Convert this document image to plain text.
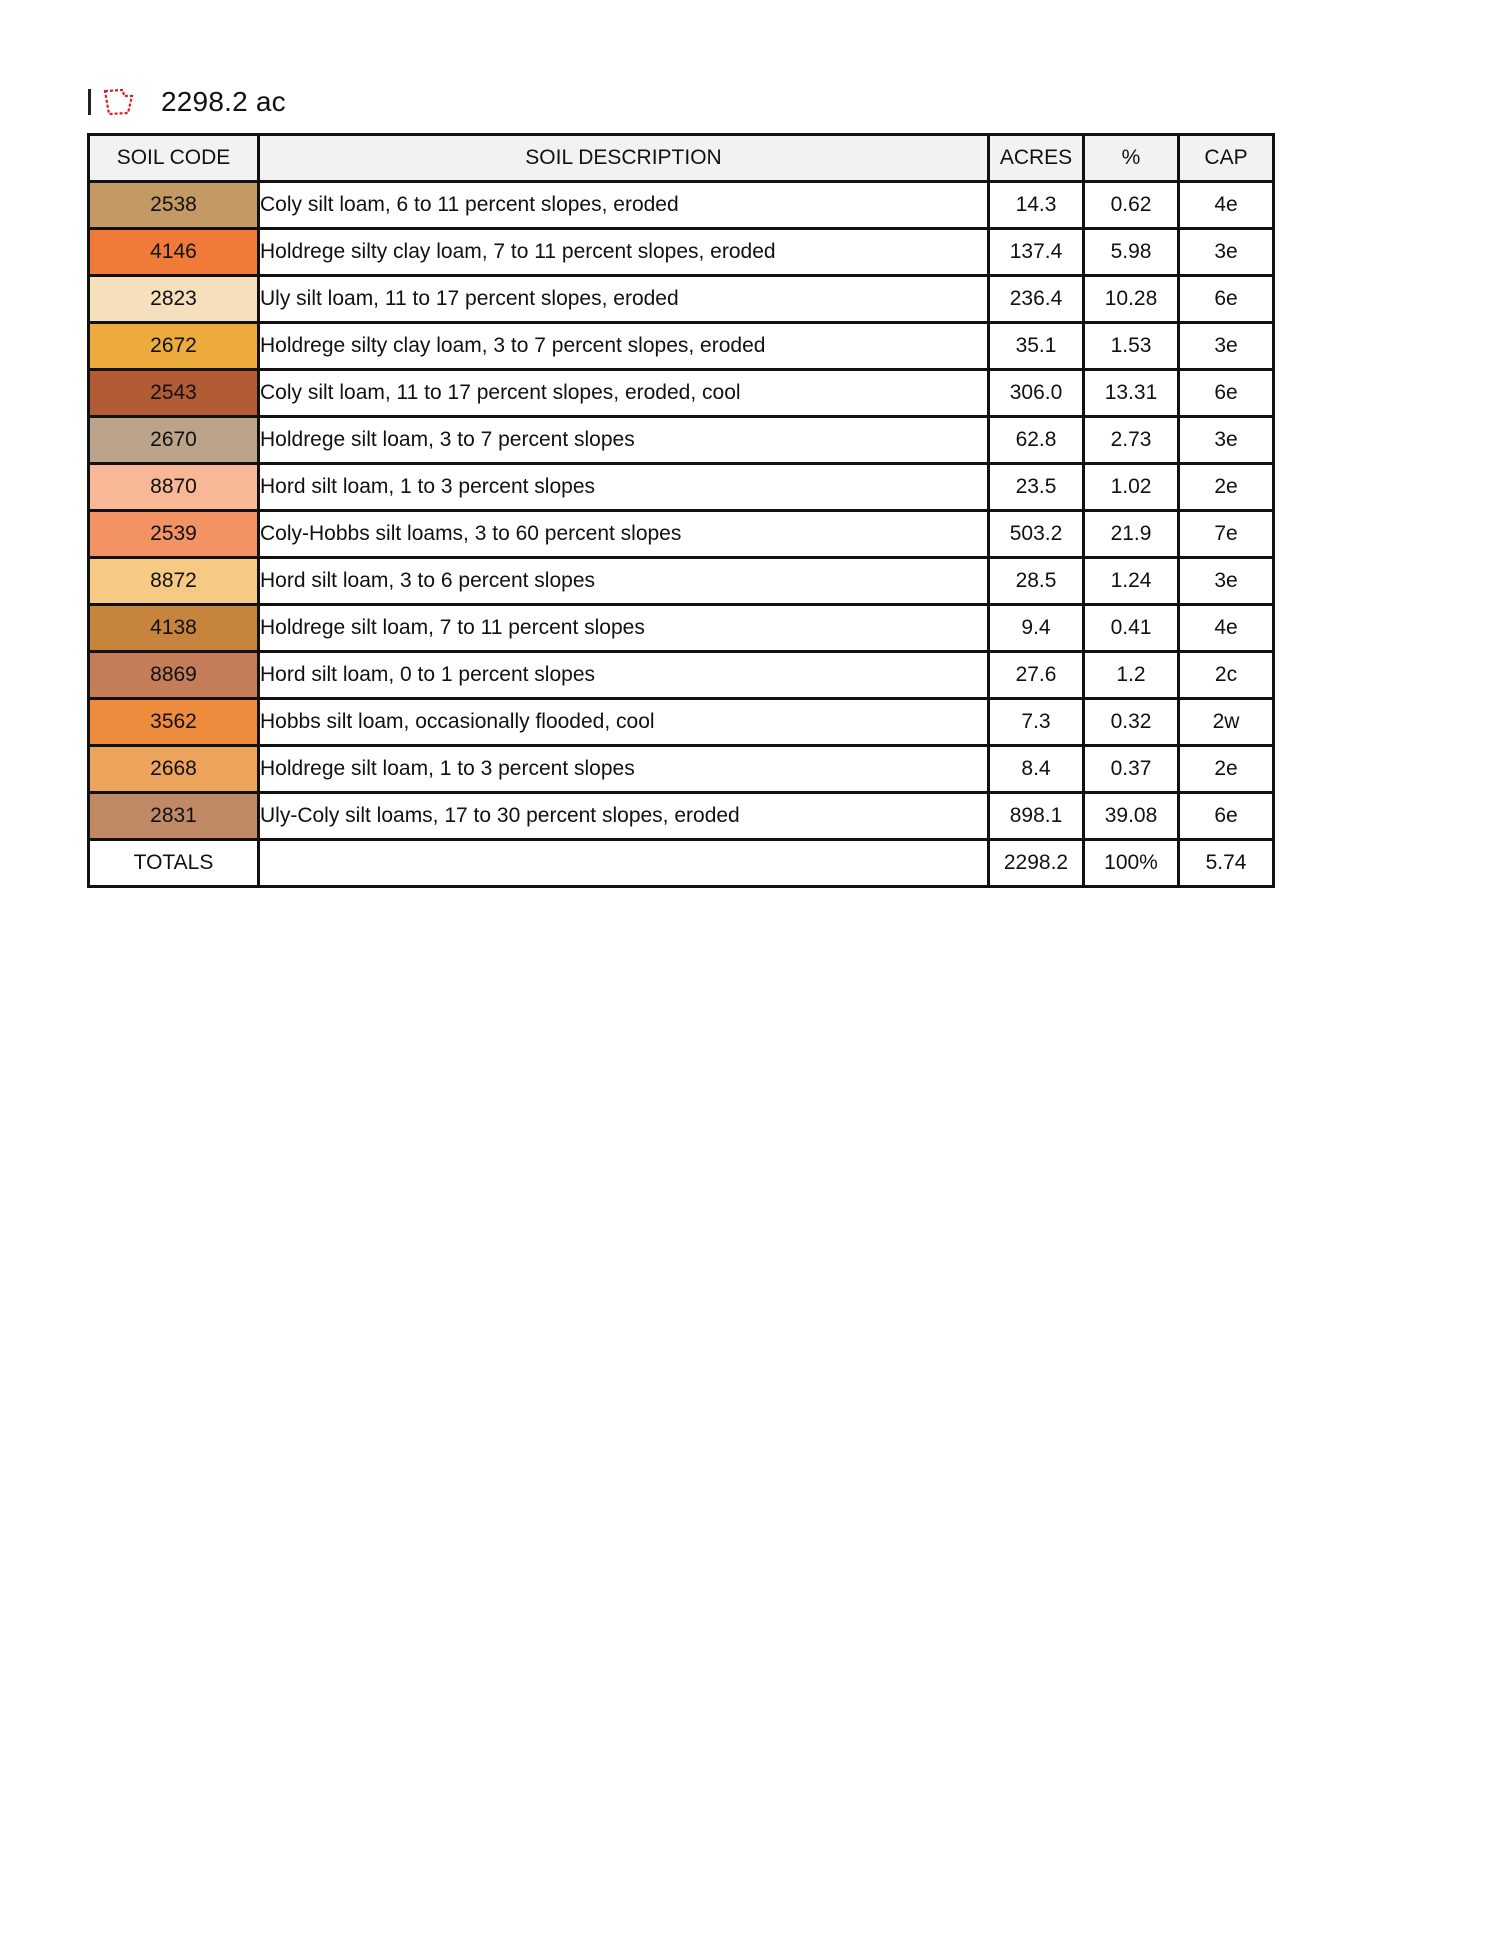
2298.2 ac
SOIL CODE	SOIL DESCRIPTION	ACRES	%	CAP
2538	Coly silt loam, 6 to 11 percent slopes, eroded	14.3	0.62	4e
4146	Holdrege silty clay loam, 7 to 11 percent slopes, eroded	137.4	5.98	3e
2823	Uly silt loam, 11 to 17 percent slopes, eroded	236.4	10.28	6e
2672	Holdrege silty clay loam, 3 to 7 percent slopes, eroded	35.1	1.53	3e
2543	Coly silt loam, 11 to 17 percent slopes, eroded, cool	306.0	13.31	6e
2670	Holdrege silt loam, 3 to 7 percent slopes	62.8	2.73	3e
8870	Hord silt loam, 1 to 3 percent slopes	23.5	1.02	2e
2539	Coly-Hobbs silt loams, 3 to 60 percent slopes	503.2	21.9	7e
8872	Hord silt loam, 3 to 6 percent slopes	28.5	1.24	3e
4138	Holdrege silt loam, 7 to 11 percent slopes	9.4	0.41	4e
8869	Hord silt loam, 0 to 1 percent slopes	27.6	1.2	2c
3562	Hobbs silt loam, occasionally flooded, cool	7.3	0.32	2w
2668	Holdrege silt loam, 1 to 3 percent slopes	8.4	0.37	2e
2831	Uly-Coly silt loams, 17 to 30 percent slopes, eroded	898.1	39.08	6e
TOTALS		2298.2	100%	5.74
